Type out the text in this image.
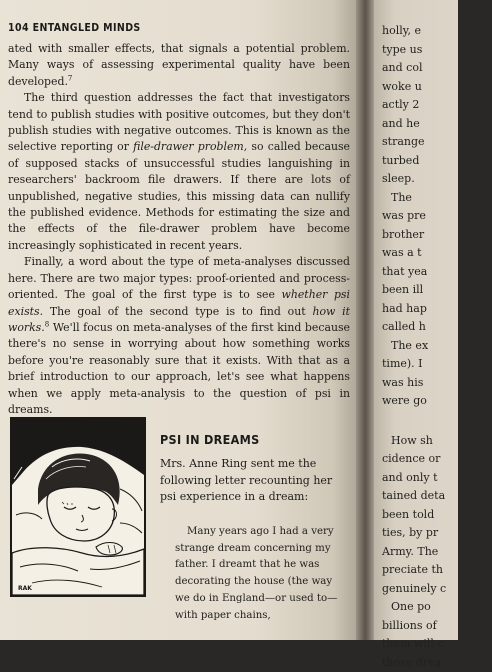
104 ENTANGLED MINDS

ated with smaller effects, that signals a potential problem. Many ways of assessing experimental quality have been developed.$^7$

The third question addresses the fact that investigators tend to publish studies with positive outcomes, but they don't publish studies with negative outcomes. This is known as the selective reporting or file-drawer problem, so called because of supposed stacks of unsuccessful studies languishing in researchers' backroom file drawers. If there are lots of unpublished, negative studies, this missing data can nullify the published evidence. Methods for estimating the size and the effects of the file-drawer problem have become increasingly sophisticated in recent years.

Finally, a word about the type of meta-analyses discussed here. There are two major types: proof-oriented and process-oriented. The goal of the first type is to see whether psi exists. The goal of the second type is to find out how it works.$^8$ We'll focus on meta-analyses of the first kind because there's no sense in worrying about how something works before you're reasonably sure that it exists. With that as a brief introduction to our approach, let's see what happens when we apply meta-analysis to the question of psi in dreams.

RAK
PSI IN DREAMS

Mrs. Anne Ring sent me the following letter recounting her psi experience in a dream:

Many years ago I had a very strange dream concerning my father. I dreamt that he was decorating the house (the way we do in England—or used to—with paper chains,

holly, e
type us
and col
woke u
actly 2
and he
strange
turbed
sleep.
The
was pre
brother
was a t
that yea
been ill
had hap
called h
The ex
time). I
was his
were go
How sh
cidence or
and only t
tained deta
been told
ties, by pr
Army. The
preciate th
genuinely c
One po
billions of
them will c
those drea
